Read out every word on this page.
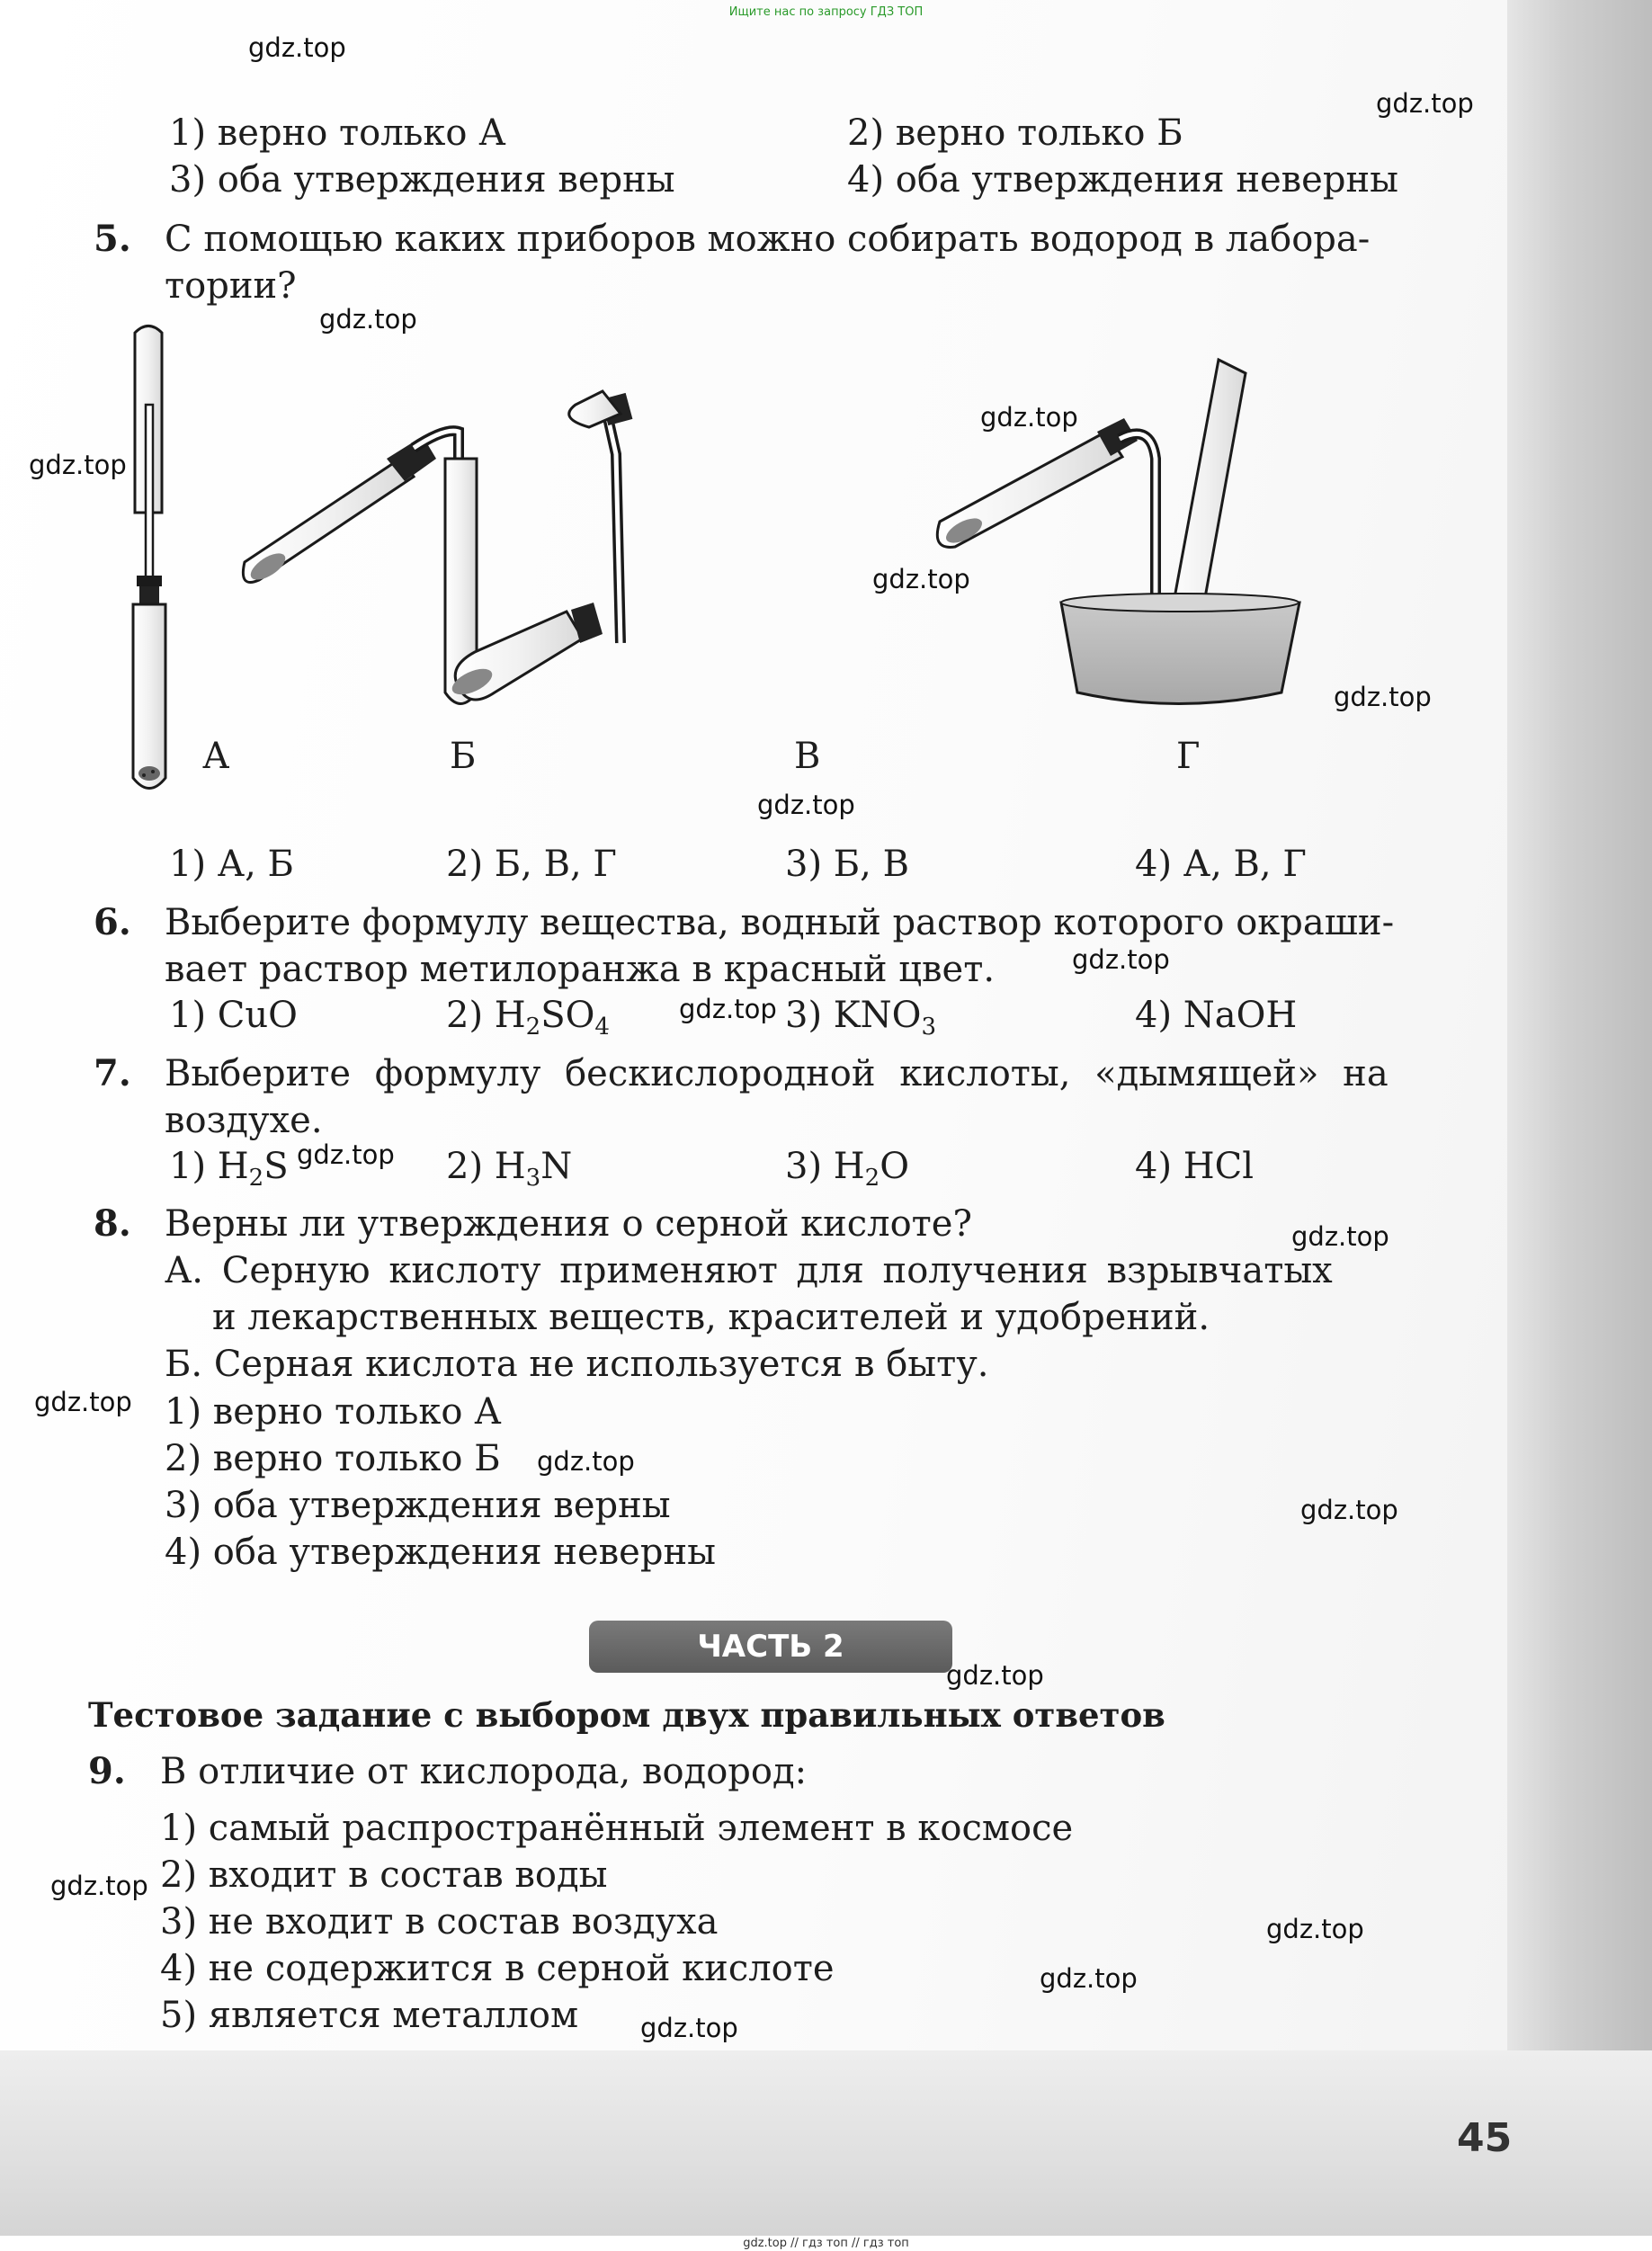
Ищите нас по запросу ГДЗ ТОП
1) верно только А	2) верно только Б
3) оба утверждения верны	4) оба утверждения неверны
5. С помощью каких приборов можно собирать водород в лабора-
тории?
А	Б	В	Г
1) А, Б	2) Б, В, Г	3) Б, В	4) А, В, Г
6. Выберите формулу вещества, водный раствор которого окраши-
вает раствор метилоранжа в красный цвет.
1) CuO	2) $H_2SO_4$	3) $KNO_3$	4) NaOH
7. Выберите формулу бескислородной кислоты, «дымящей» на
воздухе.
1) $H_2S$	2) $H_3N$	3) $H_2O$	4) HCl
8. Верны ли утверждения о серной кислоте?
А. Серную кислоту применяют для получения взрывчатых
и лекарственных веществ, красителей и удобрений.
Б. Серная кислота не используется в быту.
1) верно только А
2) верно только Б
3) оба утверждения верны
4) оба утверждения неверны
ЧАСТЬ 2
Тестовое задание с выбором двух правильных ответов
9. В отличие от кислорода, водород:
1) самый распространённый элемент в космосе
2) входит в состав воды
3) не входит в состав воздуха
4) не содержится в серной кислоте
5) является металлом
45
gdz.top
gdz.top
gdz.top
gdz.top
gdz.top
gdz.top
gdz.top
gdz.top
gdz.top
gdz.top
gdz.top
gdz.top
gdz.top
gdz.top
gdz.top
gdz.top
gdz.top
gdz.top
gdz.top
gdz.top
gdz.top // гдз топ // гдз топ
